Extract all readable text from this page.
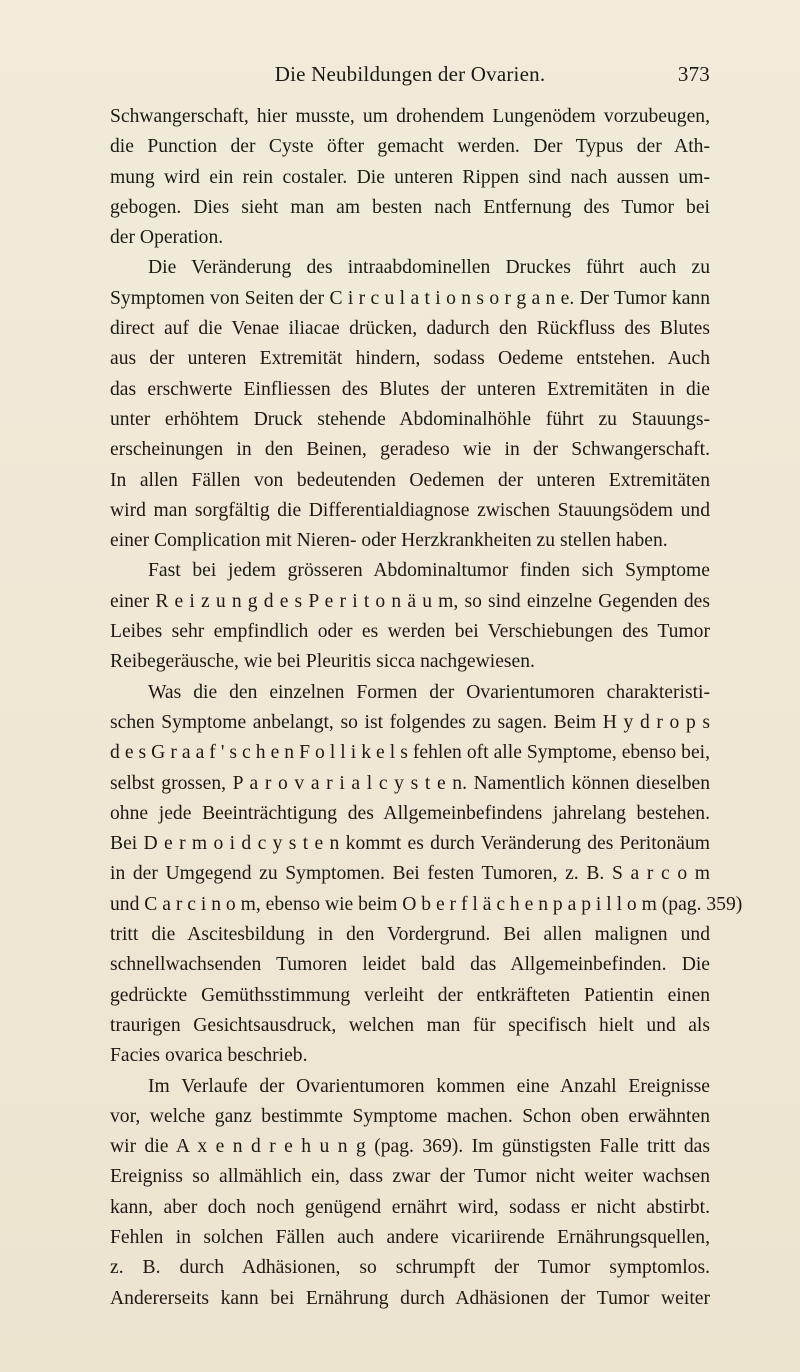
Die Neubildungen der Ovarien.	373
Schwangerschaft, hier musste, um drohendem Lungenödem vorzubeugen,
die Punction der Cyste öfter gemacht werden. Der Typus der Ath-
mung wird ein rein costaler. Die unteren Rippen sind nach aussen um-
gebogen. Dies sieht man am besten nach Entfernung des Tumor bei
der Operation.
Die Veränderung des intraabdominellen Druckes führt auch zu
Symptomen von Seiten der C i r c u l a t i o n s o r g a n e. Der Tumor kann
direct auf die Venae iliacae drücken, dadurch den Rückfluss des Blutes
aus der unteren Extremität hindern, sodass Oedeme entstehen. Auch
das erschwerte Einfliessen des Blutes der unteren Extremitäten in die
unter erhöhtem Druck stehende Abdominalhöhle führt zu Stauungs-
erscheinungen in den Beinen, geradeso wie in der Schwangerschaft.
In allen Fällen von bedeutenden Oedemen der unteren Extremitäten
wird man sorgfältig die Differentialdiagnose zwischen Stauungsödem und
einer Complication mit Nieren- oder Herzkrankheiten zu stellen haben.
Fast bei jedem grösseren Abdominaltumor finden sich Symptome
einer R e i z u n g d e s P e r i t o n ä u m, so sind einzelne Gegenden des
Leibes sehr empfindlich oder es werden bei Verschiebungen des Tumor
Reibegeräusche, wie bei Pleuritis sicca nachgewiesen.
Was die den einzelnen Formen der Ovarientumoren charakteristi-
schen Symptome anbelangt, so ist folgendes zu sagen. Beim H y d r o p s
d e s G r a a f ' s c h e n F o l l i k e l s fehlen oft alle Symptome, ebenso bei,
selbst grossen, P a r o v a r i a l c y s t e n. Namentlich können dieselben
ohne jede Beeinträchtigung des Allgemeinbefindens jahrelang bestehen.
Bei D e r m o i d c y s t e n kommt es durch Veränderung des Peritonäum
in der Umgegend zu Symptomen. Bei festen Tumoren, z. B. S a r c o m
und C a r c i n o m, ebenso wie beim O b e r f l ä c h e n p a p i l l o m (pag. 359)
tritt die Ascitesbildung in den Vordergrund. Bei allen malignen und
schnellwachsenden Tumoren leidet bald das Allgemeinbefinden. Die
gedrückte Gemüthsstimmung verleiht der entkräfteten Patientin einen
traurigen Gesichtsausdruck, welchen man für specifisch hielt und als
Facies ovarica beschrieb.
Im Verlaufe der Ovarientumoren kommen eine Anzahl Ereignisse
vor, welche ganz bestimmte Symptome machen. Schon oben erwähnten
wir die A x e n d r e h u n g (pag. 369). Im günstigsten Falle tritt das
Ereigniss so allmählich ein, dass zwar der Tumor nicht weiter wachsen
kann, aber doch noch genügend ernährt wird, sodass er nicht abstirbt.
Fehlen in solchen Fällen auch andere vicariirende Ernährungsquellen,
z. B. durch Adhäsionen, so schrumpft der Tumor symptomlos.
Andererseits kann bei Ernährung durch Adhäsionen der Tumor weiter
